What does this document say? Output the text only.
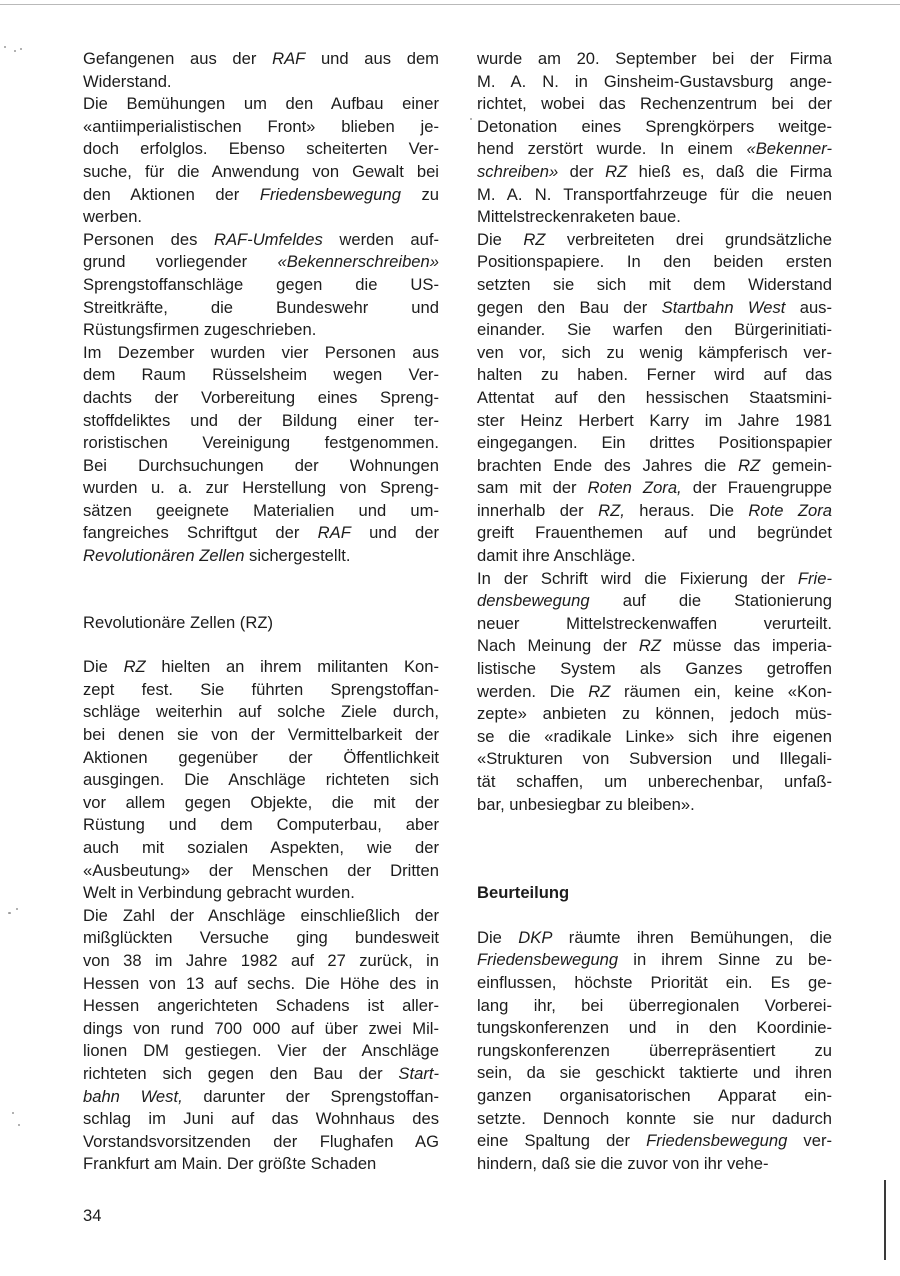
Gefangenen aus der RAF und aus dem
Widerstand.
Die Bemühungen um den Aufbau einer
«antiimperialistischen Front» blieben je-
doch erfolglos. Ebenso scheiterten Ver-
suche, für die Anwendung von Gewalt bei
den Aktionen der Friedensbewegung zu
werben.
Personen des RAF-Umfeldes werden auf-
grund vorliegender «Bekennerschreiben»
Sprengstoffanschläge gegen die US-
Streitkräfte, die Bundeswehr und
Rüstungsfirmen zugeschrieben.
Im Dezember wurden vier Personen aus
dem Raum Rüsselsheim wegen Ver-
dachts der Vorbereitung eines Spreng-
stoffdeliktes und der Bildung einer ter-
roristischen Vereinigung festgenommen.
Bei Durchsuchungen der Wohnungen
wurden u. a. zur Herstellung von Spreng-
sätzen geeignete Materialien und um-
fangreiches Schriftgut der RAF und der
Revolutionären Zellen sichergestellt.
Revolutionäre Zellen (RZ)
Die RZ hielten an ihrem militanten Kon-
zept fest. Sie führten Sprengstoffan-
schläge weiterhin auf solche Ziele durch,
bei denen sie von der Vermittelbarkeit der
Aktionen gegenüber der Öffentlichkeit
ausgingen. Die Anschläge richteten sich
vor allem gegen Objekte, die mit der
Rüstung und dem Computerbau, aber
auch mit sozialen Aspekten, wie der
«Ausbeutung» der Menschen der Dritten
Welt in Verbindung gebracht wurden.
Die Zahl der Anschläge einschließlich der
mißglückten Versuche ging bundesweit
von 38 im Jahre 1982 auf 27 zurück, in
Hessen von 13 auf sechs. Die Höhe des in
Hessen angerichteten Schadens ist aller-
dings von rund 700 000 auf über zwei Mil-
lionen DM gestiegen. Vier der Anschläge
richteten sich gegen den Bau der Start-
bahn West, darunter der Sprengstoffan-
schlag im Juni auf das Wohnhaus des
Vorstandsvorsitzenden der Flughafen AG
Frankfurt am Main. Der größte Schaden
wurde am 20. September bei der Firma
M. A. N. in Ginsheim-Gustavsburg ange-
richtet, wobei das Rechenzentrum bei der
Detonation eines Sprengkörpers weitge-
hend zerstört wurde. In einem «Bekenner-
schreiben» der RZ hieß es, daß die Firma
M. A. N. Transportfahrzeuge für die neuen
Mittelstreckenraketen baue.
Die RZ verbreiteten drei grundsätzliche
Positionspapiere. In den beiden ersten
setzten sie sich mit dem Widerstand
gegen den Bau der Startbahn West aus-
einander. Sie warfen den Bürgerinitiati-
ven vor, sich zu wenig kämpferisch ver-
halten zu haben. Ferner wird auf das
Attentat auf den hessischen Staatsmini-
ster Heinz Herbert Karry im Jahre 1981
eingegangen. Ein drittes Positionspapier
brachten Ende des Jahres die RZ gemein-
sam mit der Roten Zora, der Frauengruppe
innerhalb der RZ, heraus. Die Rote Zora
greift Frauenthemen auf und begründet
damit ihre Anschläge.
In der Schrift wird die Fixierung der Frie-
densbewegung auf die Stationierung
neuer Mittelstreckenwaffen verurteilt.
Nach Meinung der RZ müsse das imperia-
listische System als Ganzes getroffen
werden. Die RZ räumen ein, keine «Kon-
zepte» anbieten zu können, jedoch müs-
se die «radikale Linke» sich ihre eigenen
«Strukturen von Subversion und Illegali-
tät schaffen, um unberechenbar, unfaß-
bar, unbesiegbar zu bleiben».
Beurteilung
Die DKP räumte ihren Bemühungen, die
Friedensbewegung in ihrem Sinne zu be-
einflussen, höchste Priorität ein. Es ge-
lang ihr, bei überregionalen Vorberei-
tungskonferenzen und in den Koordinie-
rungskonferenzen überrepräsentiert zu
sein, da sie geschickt taktierte und ihren
ganzen organisatorischen Apparat ein-
setzte. Dennoch konnte sie nur dadurch
eine Spaltung der Friedensbewegung ver-
hindern, daß sie die zuvor von ihr vehe-
34
